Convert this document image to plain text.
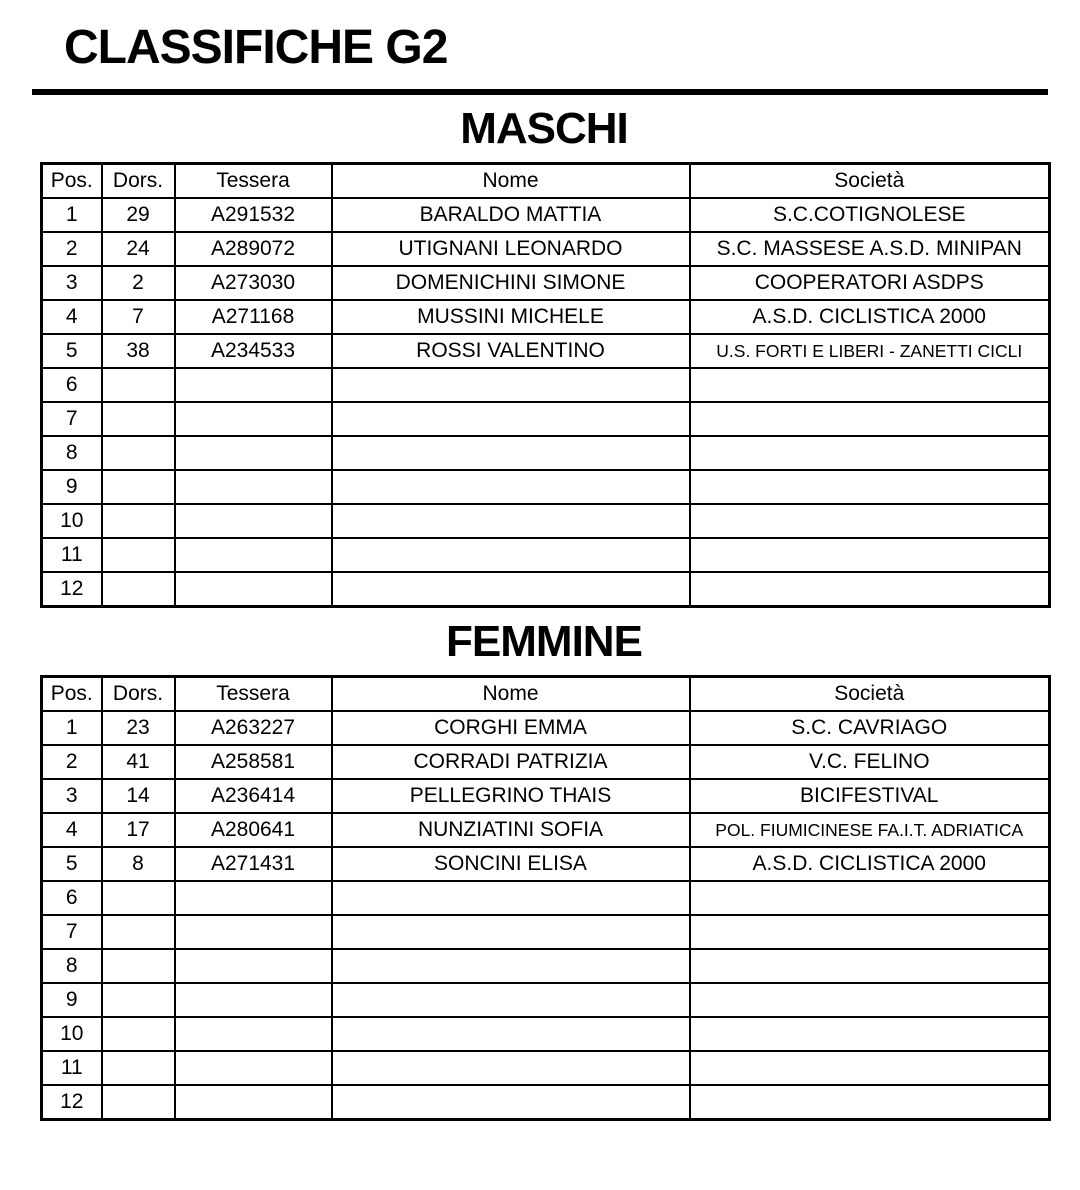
CLASSIFICHE G2
MASCHI
Pos.	Dors.	Tessera	Nome	Società
1	29	A291532	BARALDO MATTIA	S.C.COTIGNOLESE
2	24	A289072	UTIGNANI LEONARDO	S.C. MASSESE A.S.D. MINIPAN
3	2	A273030	DOMENICHINI SIMONE	COOPERATORI ASDPS
4	7	A271168	MUSSINI MICHELE	A.S.D. CICLISTICA 2000
5	38	A234533	ROSSI VALENTINO	U.S. FORTI E LIBERI - ZANETTI CICLI
6				
7				
8				
9				
10				
11				
12				
FEMMINE
Pos.	Dors.	Tessera	Nome	Società
1	23	A263227	CORGHI EMMA	S.C. CAVRIAGO
2	41	A258581	CORRADI PATRIZIA	V.C. FELINO
3	14	A236414	PELLEGRINO THAIS	BICIFESTIVAL
4	17	A280641	NUNZIATINI SOFIA	POL. FIUMICINESE FA.I.T. ADRIATICA
5	8	A271431	SONCINI ELISA	A.S.D. CICLISTICA 2000
6				
7				
8				
9				
10				
11				
12				
